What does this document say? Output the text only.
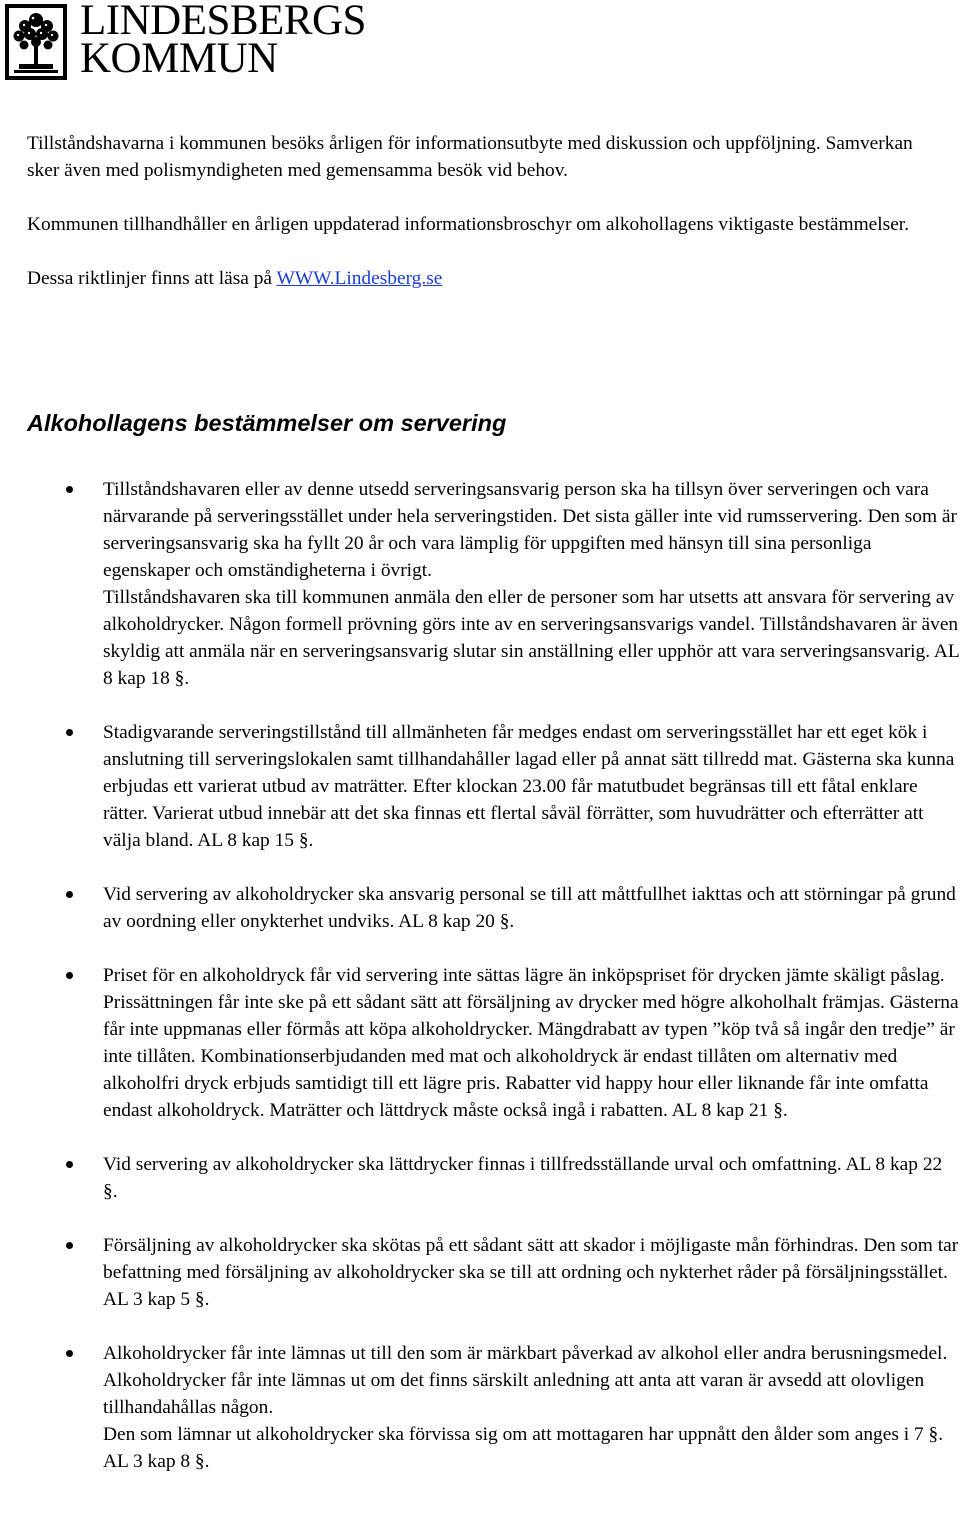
LINDESBERGS
KOMMUN

Tillståndshavarna i kommunen besöks årligen för informationsutbyte med diskussion och uppföljning. Samverkan sker även med polismyndigheten med gemensamma besök vid behov.

Kommunen tillhandhåller en årligen uppdaterad informationsbroschyr om alkohollagens viktigaste bestämmelser.

Dessa riktlinjer finns att läsa på WWW.Lindesberg.se

Alkohollagens bestämmelser om servering

Tillståndshavaren eller av denne utsedd serveringsansvarig person ska ha tillsyn över serveringen och vara närvarande på serveringsstället under hela serveringstiden. Det sista gäller inte vid rumsservering. Den som är serveringsansvarig ska ha fyllt 20 år och vara lämplig för uppgiften med hänsyn till sina personliga egenskaper och omständigheterna i övrigt.

Tillståndshavaren ska till kommunen anmäla den eller de personer som har utsetts att ansvara för servering av alkoholdrycker. Någon formell prövning görs inte av en serveringsansvarigs vandel. Tillståndshavaren är även skyldig att anmäla när en serveringsansvarig slutar sin anställning eller upphör att vara serveringsansvarig. AL 8 kap 18 §.

Stadigvarande serveringstillstånd till allmänheten får medges endast om serveringsstället har ett eget kök i anslutning till serveringslokalen samt tillhandahåller lagad eller på annat sätt tillredd mat. Gästerna ska kunna erbjudas ett varierat utbud av maträtter. Efter klockan 23.00 får matutbudet begränsas till ett fåtal enklare rätter. Varierat utbud innebär att det ska finnas ett flertal såväl förrätter, som huvudrätter och efterrätter att välja bland. AL 8 kap 15 §.

Vid servering av alkoholdrycker ska ansvarig personal se till att måttfullhet iakttas och att störningar på grund av oordning eller onykterhet undviks. AL 8 kap 20 §.

Priset för en alkoholdryck får vid servering inte sättas lägre än inköpspriset för drycken jämte skäligt påslag. Prissättningen får inte ske på ett sådant sätt att försäljning av drycker med högre alkoholhalt främjas. Gästerna får inte uppmanas eller förmås att köpa alkoholdrycker. Mängdrabatt av typen ”köp två så ingår den tredje” är inte tillåten. Kombinationserbjudanden med mat och alkoholdryck är endast tillåten om alternativ med alkoholfri dryck erbjuds samtidigt till ett lägre pris. Rabatter vid happy hour eller liknande får inte omfatta endast alkoholdryck. Maträtter och lättdryck måste också ingå i rabatten. AL 8 kap 21 §.

Vid servering av alkoholdrycker ska lättdrycker finnas i tillfredsställande urval och omfattning. AL 8 kap 22 §.

Försäljning av alkoholdrycker ska skötas på ett sådant sätt att skador i möjligaste mån förhindras. Den som tar befattning med försäljning av alkoholdrycker ska se till att ordning och nykterhet råder på försäljningsstället. AL 3 kap 5 §.

Alkoholdrycker får inte lämnas ut till den som är märkbart påverkad av alkohol eller andra berusningsmedel. Alkoholdrycker får inte lämnas ut om det finns särskilt anledning att anta att varan är avsedd att olovligen tillhandahållas någon.

Den som lämnar ut alkoholdrycker ska förvissa sig om att mottagaren har uppnått den ålder som anges i 7 §. AL 3 kap 8 §.
